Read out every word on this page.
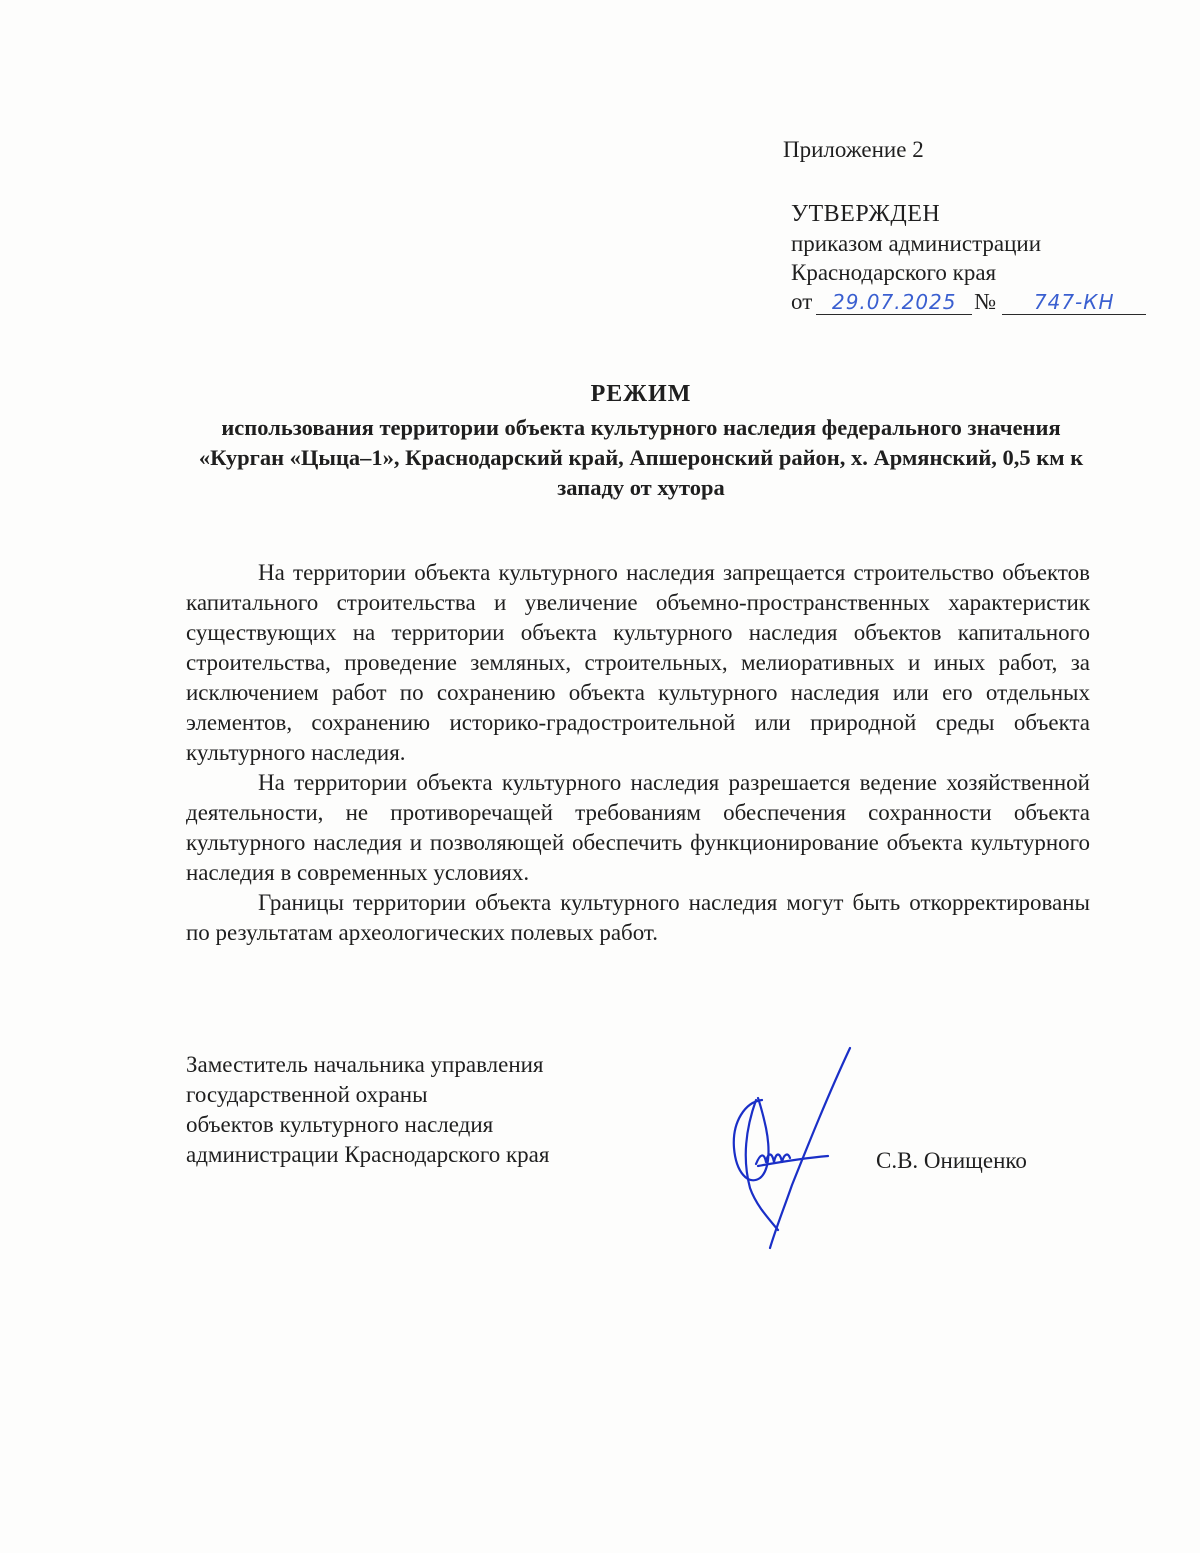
Приложение 2
УТВЕРЖДЕН
приказом администрации
Краснодарского края
от 29.07.2025 № 747-КН

РЕЖИМ

использования территории объекта культурного наследия федерального значения «Курган «Цыца–1», Краснодарский край, Апшеронский район, х. Армянский, 0,5 км к западу от хутора

На территории объекта культурного наследия запрещается строительство объектов капитального строительства и увеличение объемно-пространственных характеристик существующих на территории объекта культурного наследия объектов капитального строительства, проведение земляных, строительных, мелиоративных и иных работ, за исключением работ по сохранению объекта культурного наследия или его отдельных элементов, сохранению историко-градостроительной или природной среды объекта культурного наследия.

На территории объекта культурного наследия разрешается ведение хозяйственной деятельности, не противоречащей требованиям обеспечения сохранности объекта культурного наследия и позволяющей обеспечить функционирование объекта культурного наследия в современных условиях.

Границы территории объекта культурного наследия могут быть откорректированы по результатам археологических полевых работ.

Заместитель начальника управления
государственной охраны
объектов культурного наследия
администрации Краснодарского края	С.В. Онищенко
